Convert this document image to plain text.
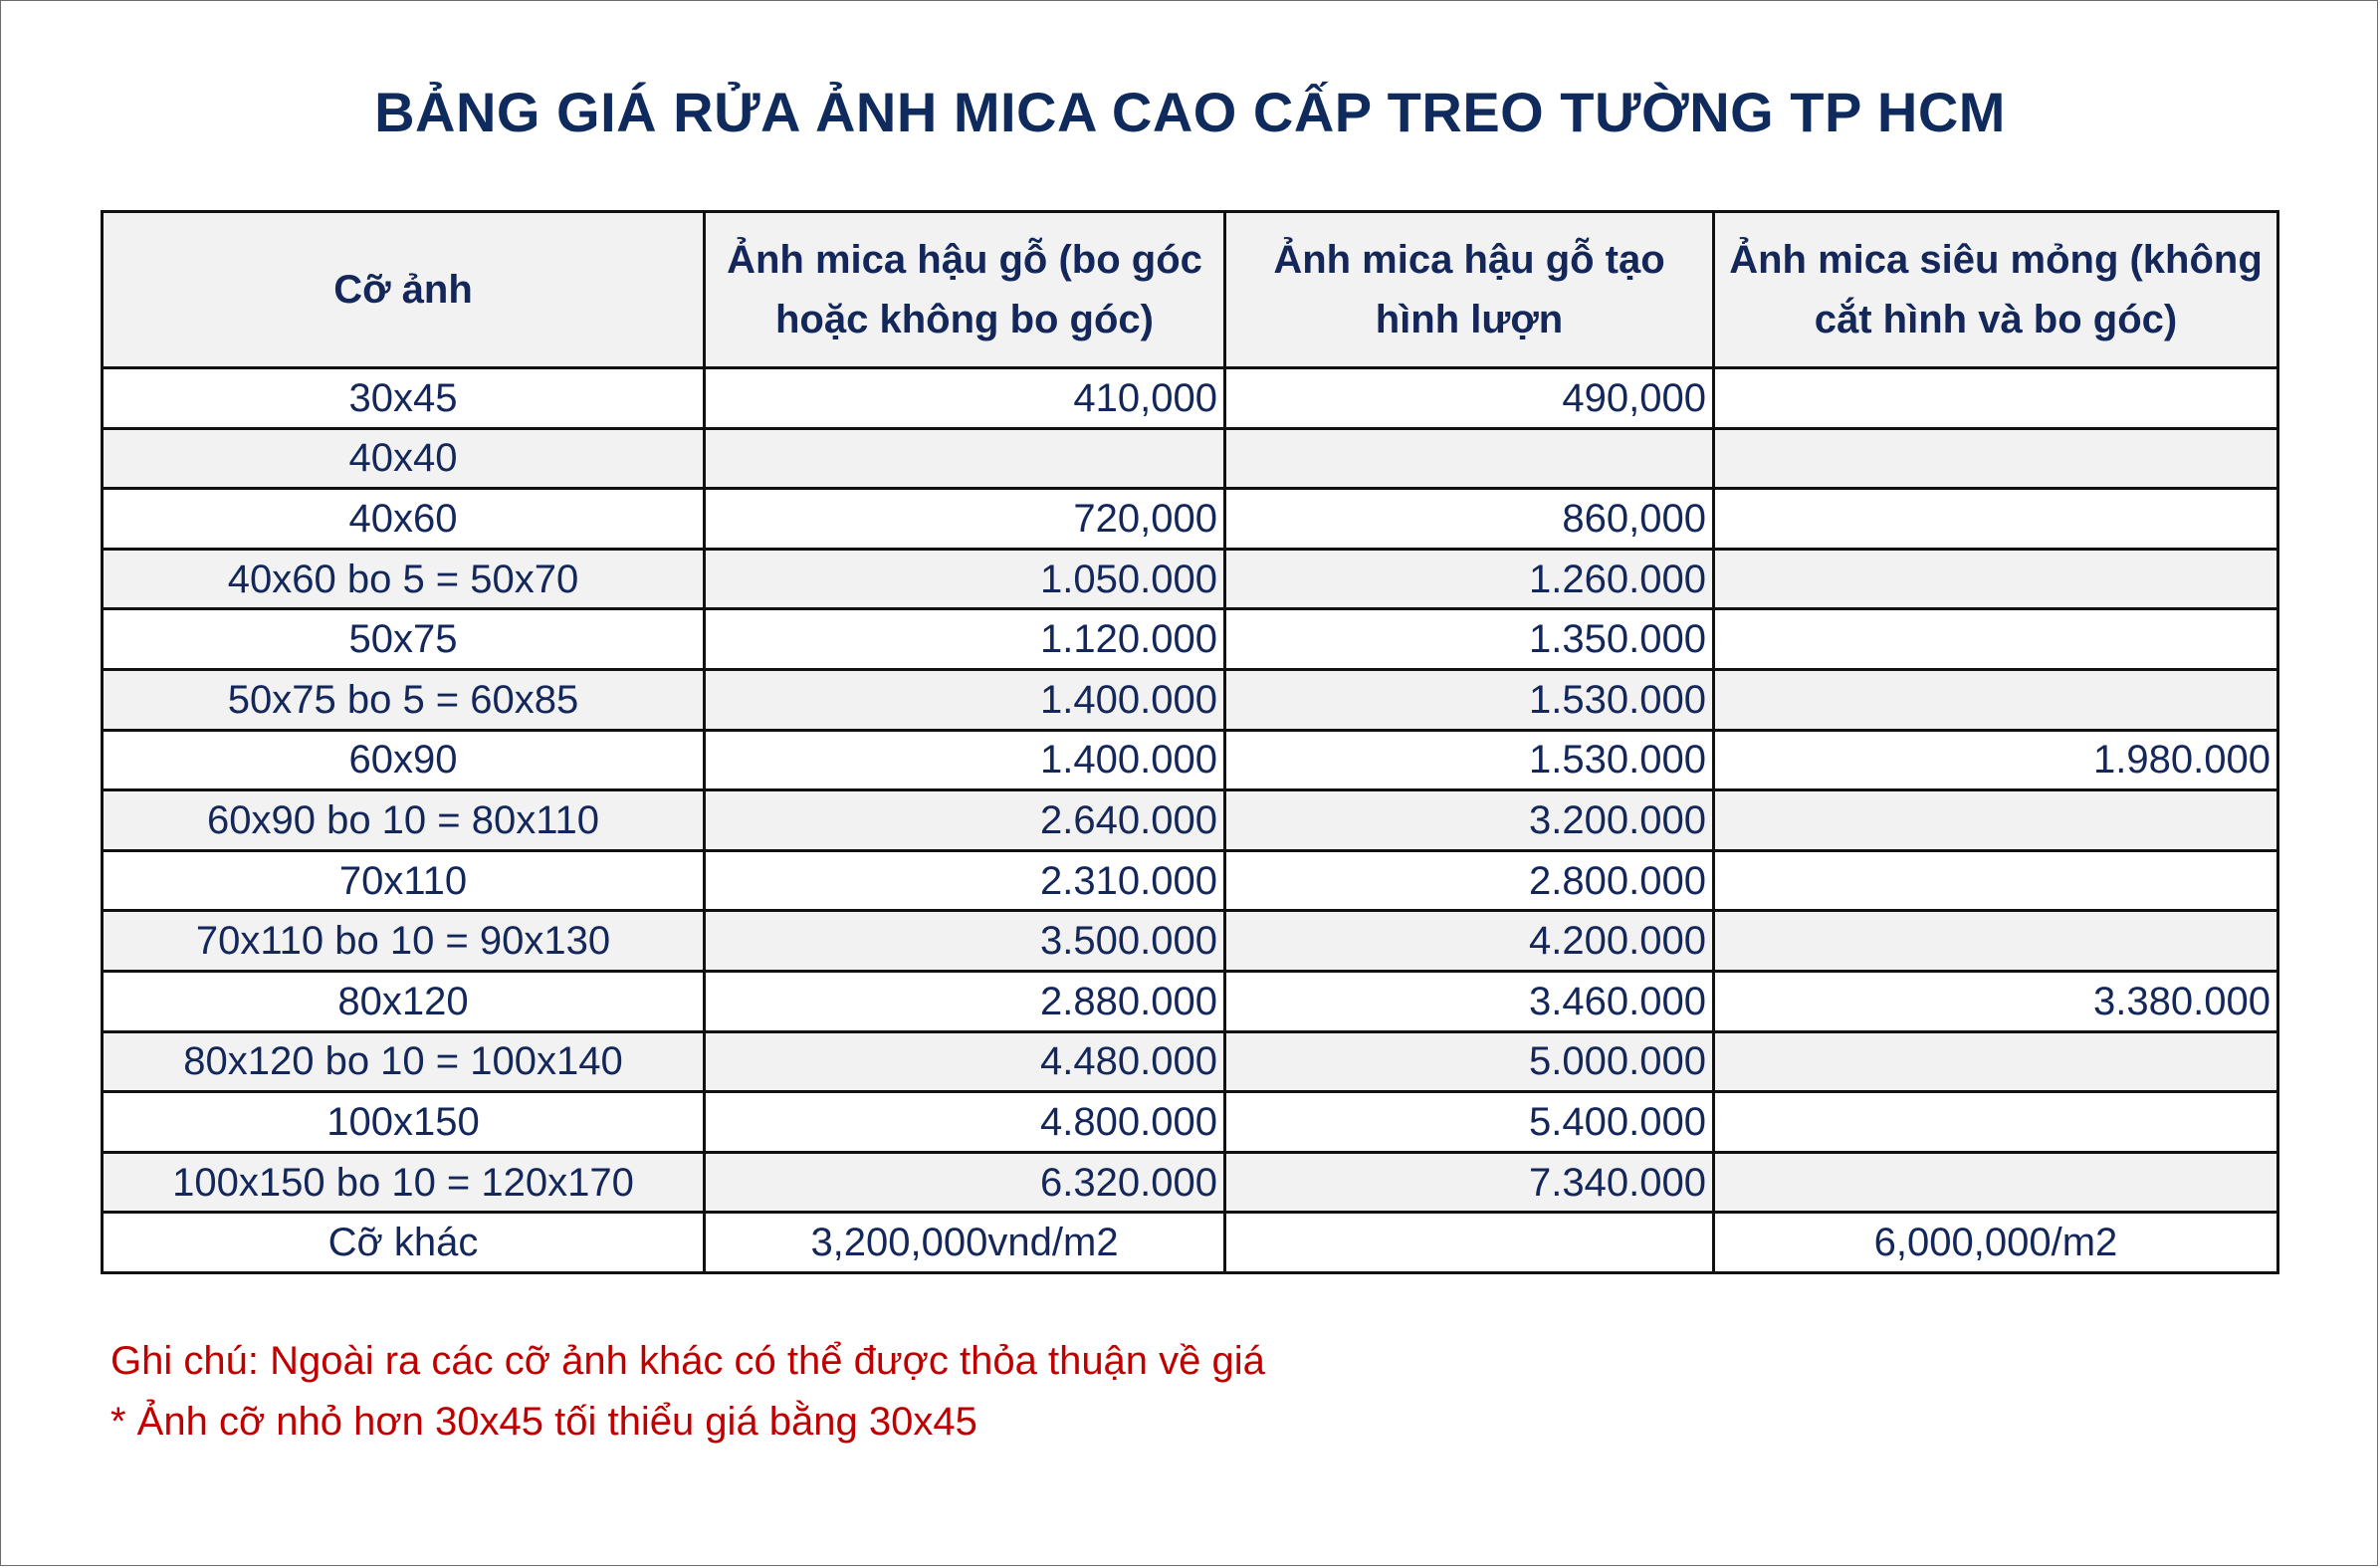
BẢNG GIÁ RỬA ẢNH MICA CAO CẤP TREO TƯỜNG TP HCM
Cỡ ảnh	Ảnh mica hậu gỗ (bo góc hoặc không bo góc)	Ảnh mica hậu gỗ tạo hình lượn	Ảnh mica siêu mỏng (không cắt hình và bo góc)
30x45	410,000	490,000	
40x40			
40x60	720,000	860,000	
40x60 bo 5 = 50x70	1.050.000	1.260.000	
50x75	1.120.000	1.350.000	
50x75 bo 5 = 60x85	1.400.000	1.530.000	
60x90	1.400.000	1.530.000	1.980.000
60x90 bo 10 = 80x110	2.640.000	3.200.000	
70x110	2.310.000	2.800.000	
70x110 bo 10 = 90x130	3.500.000	4.200.000	
80x120	2.880.000	3.460.000	3.380.000
80x120 bo 10 = 100x140	4.480.000	5.000.000	
100x150	4.800.000	5.400.000	
100x150 bo 10 = 120x170	6.320.000	7.340.000	
Cỡ khác	3,200,000vnd/m2		6,000,000/m2
Ghi chú: Ngoài ra các cỡ ảnh khác có thể được thỏa thuận về giá
* Ảnh cỡ nhỏ hơn 30x45 tối thiểu giá bằng 30x45
